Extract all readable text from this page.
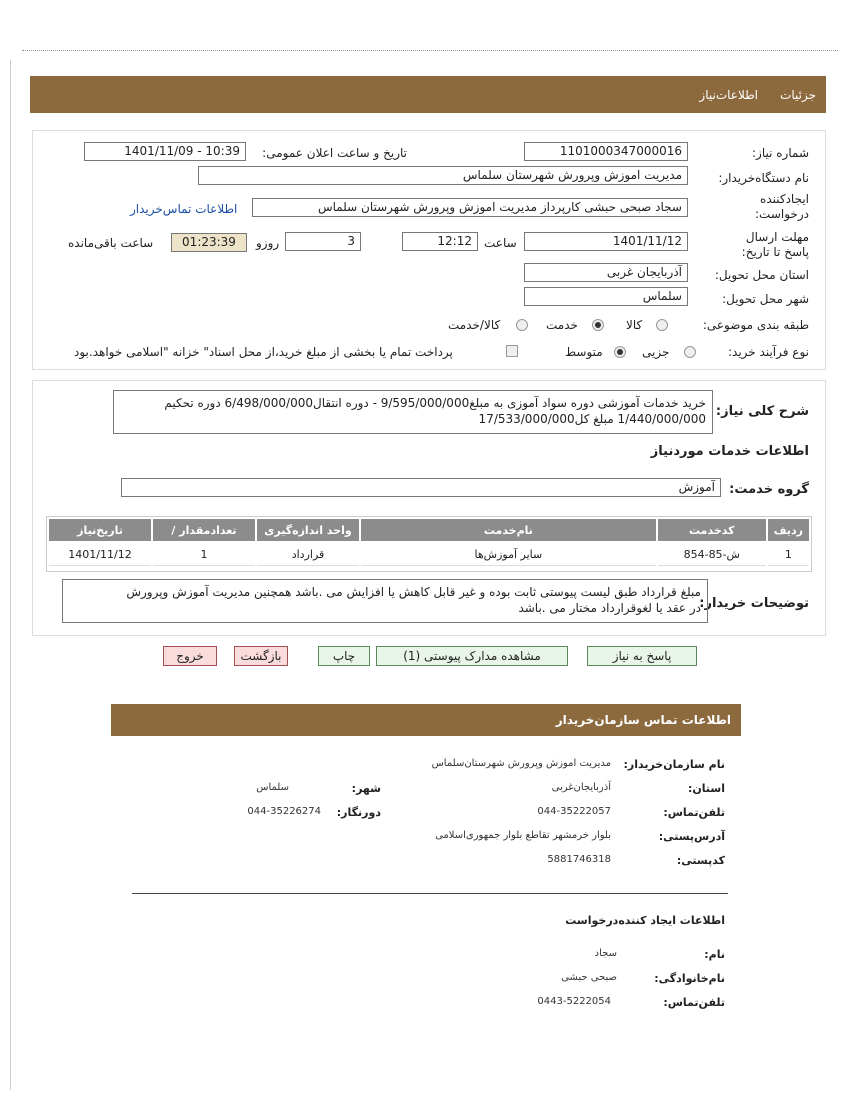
جزئیات
اطلاعات‌نیاز
شماره نیاز:
1101000347000016
تاریخ و ساعت اعلان عمومی:
1401/11/09 - 10:39
نام دستگاه‌خریدار:
مدیریت اموزش وپرورش شهرستان سلماس
ایجادکننده درخواست:
سجاد صبحی حبشی کارپرداز مدیریت اموزش وپرورش شهرستان سلماس
اطلاعات تماس‌خریدار
مهلت ارسال پاسخ تا تاریخ:
1401/11/12
ساعت
12:12
3
روزو
01:23:39
ساعت باقی‌مانده
استان محل تحویل:
آذربایجان غربی
شهر محل تحویل:
سلماس
طبقه بندی موضوعی:
کالا
خدمت
کالا/خدمت
نوع فرآیند خرید:
جزیی
متوسط
پرداخت تمام یا بخشی از مبلغ خرید،از محل اسناد" خزانه "اسلامی خواهد.بود
شرح کلی نیاز:
خرید خدمات آموزشی دوره سواد آموزی به مبلغ9/595/000/000 - دوره انتقال6/498/000/000 دوره تحکیم
1/440/000/000 مبلغ کل17/533/000/000
اطلاعات خدمات موردنیاز
گروه خدمت:
آموزش
ردیف	کدخدمت	نام‌خدمت	واحد اندازه‌گیری	تعدادمقدار /	تاریخ‌نیاز
1	ش-85-854	سایر آموزش‌ها	قرارداد	1	1401/11/12
توضیحات خریدار:
مبلغ قرارداد طبق لیست پیوستی ثابت بوده و غیر قابل کاهش یا افزایش می .باشد همچنین مدیریت آموزش وپرورش
در عقد یا لغوقرارداد مختار می .باشد
پاسخ به نیاز
مشاهده مدارک پیوستی (1)
چاپ
بازگشت
خروج
اطلاعات تماس سازمان‌خریدار
نام سازمان‌خریدار:
مدیریت اموزش وپرورش شهرستان‌سلماس
استان:
آذربایجان‌غربی
شهر:
سلماس
تلفن‌تماس:
044-35222057
دورنگار:
044-35226274
آدرس‌پستی:
بلوار خرمشهر تقاطع بلوار جمهوری‌اسلامی
کدپستی:
5881746318
اطلاعات ایجاد کننده‌درخواست
نام:
سجاد
نام‌خانوادگی:
صبحی حبشی
تلفن‌تماس:
0443-5222054
